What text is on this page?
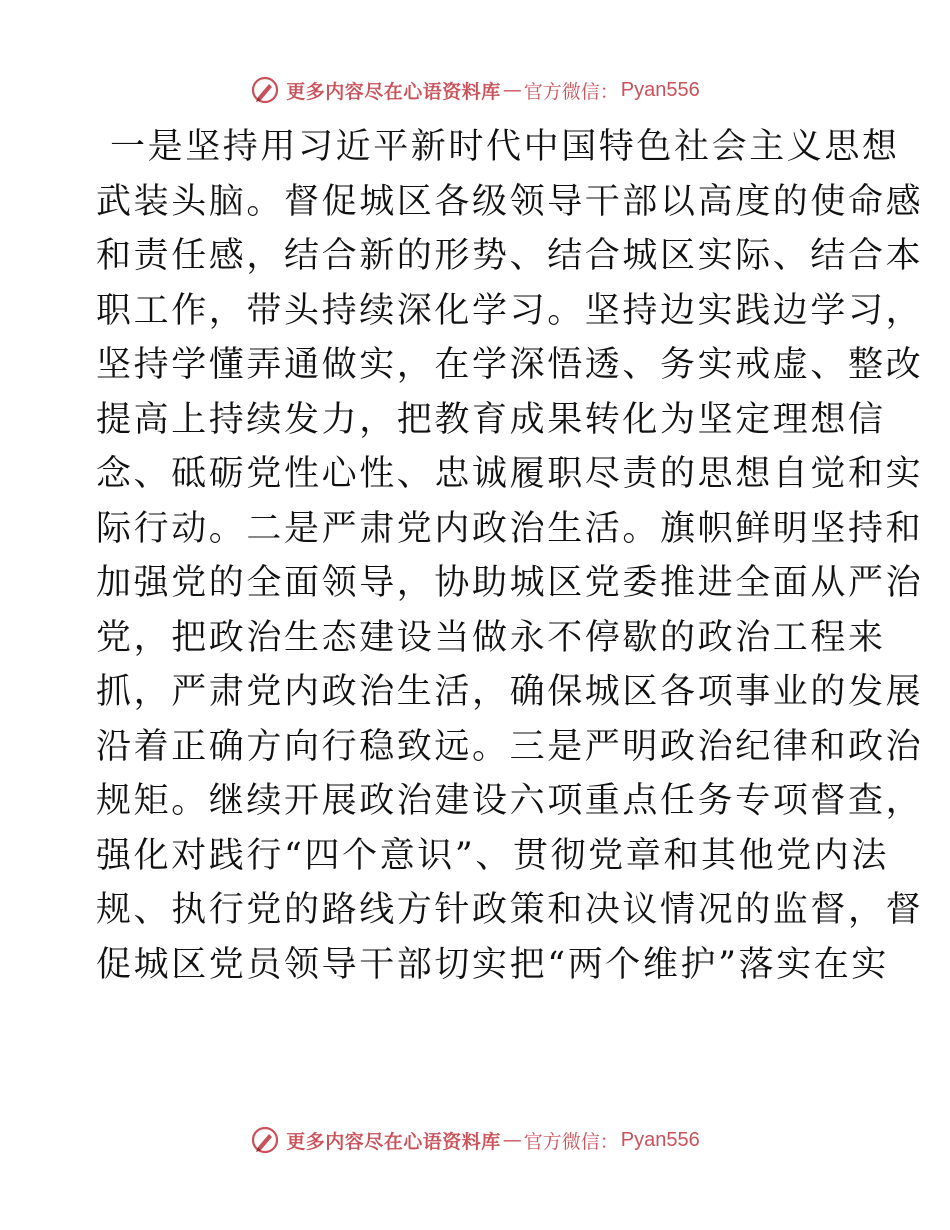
更多内容尽在心语资料库 — 官方微信： Pyan556
一是坚持用习近平新时代中国特色社会主义思想
武装头脑。督促城区各级领导干部以高度的使命感
和责任感，结合新的形势、结合城区实际、结合本
职工作，带头持续深化学习。坚持边实践边学习，
坚持学懂弄通做实，在学深悟透、务实戒虚、整改
提高上持续发力，把教育成果转化为坚定理想信
念、砥砺党性心性、忠诚履职尽责的思想自觉和实
际行动。二是严肃党内政治生活。旗帜鲜明坚持和
加强党的全面领导，协助城区党委推进全面从严治
党，把政治生态建设当做永不停歇的政治工程来
抓，严肃党内政治生活，确保城区各项事业的发展
沿着正确方向行稳致远。三是严明政治纪律和政治
规矩。继续开展政治建设六项重点任务专项督查，
强化对践行“四个意识”、贯彻党章和其他党内法
规、执行党的路线方针政策和决议情况的监督，督
促城区党员领导干部切实把“两个维护”落实在实
更多内容尽在心语资料库 — 官方微信： Pyan556
